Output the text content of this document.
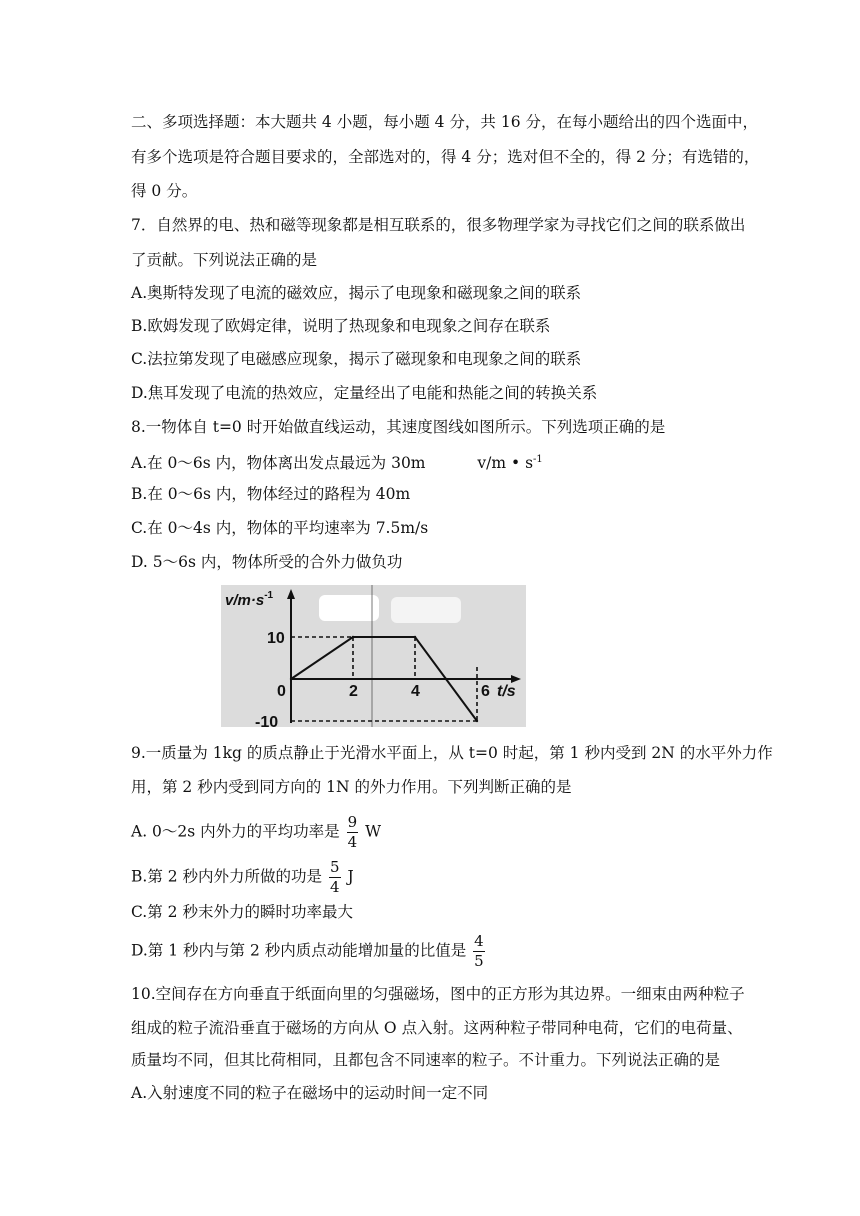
二、多项选择题：本大题共 4 小题，每小题 4 分，共 16 分，在每小题给出的四个选面中，
有多个选项是符合题目要求的，全部选对的，得 4 分；选对但不全的，得 2 分；有选错的，
得 0 分。
7．自然界的电、热和磁等现象都是相互联系的，很多物理学家为寻找它们之间的联系做出
了贡献。下列说法正确的是
A.奥斯特发现了电流的磁效应，揭示了电现象和磁现象之间的联系
B.欧姆发现了欧姆定律，说明了热现象和电现象之间存在联系
C.法拉第发现了电磁感应现象，揭示了磁现象和电现象之间的联系
D.焦耳发现了电流的热效应，定量经出了电能和热能之间的转换关系
8.一物体自 t=0 时开始做直线运动，其速度图线如图所示。下列选项正确的是
A.在 0～6s 内，物体离出发点最远为 30m	v/m • $s^{-1}$
B.在 0～6s 内，物体经过的路程为 40m
C.在 0～4s 内，物体的平均速率为 7.5m/s
D. 5～6s 内，物体所受的合外力做负功
$v/m\cdot s^{-1}$
10
-10
0	2	4	6 t/s
9.一质量为 1kg 的质点静止于光滑水平面上，从 t=0 时起，第 1 秒内受到 2N 的水平外力作
用，第 2 秒内受到同方向的 1N 的外力作用。下列判断正确的是
A. 0～2s 内外力的平均功率是 $\frac{9}{4}$ W
B.第 2 秒内外力所做的功是 $\frac{5}{4}$ J
C.第 2 秒末外力的瞬时功率最大
D.第 1 秒内与第 2 秒内质点动能增加量的比值是 $\frac{4}{5}$
10.空间存在方向垂直于纸面向里的匀强磁场，图中的正方形为其边界。一细束由两种粒子
组成的粒子流沿垂直于磁场的方向从 O 点入射。这两种粒子带同种电荷，它们的电荷量、
质量均不同，但其比荷相同，且都包含不同速率的粒子。不计重力。下列说法正确的是
A.入射速度不同的粒子在磁场中的运动时间一定不同
